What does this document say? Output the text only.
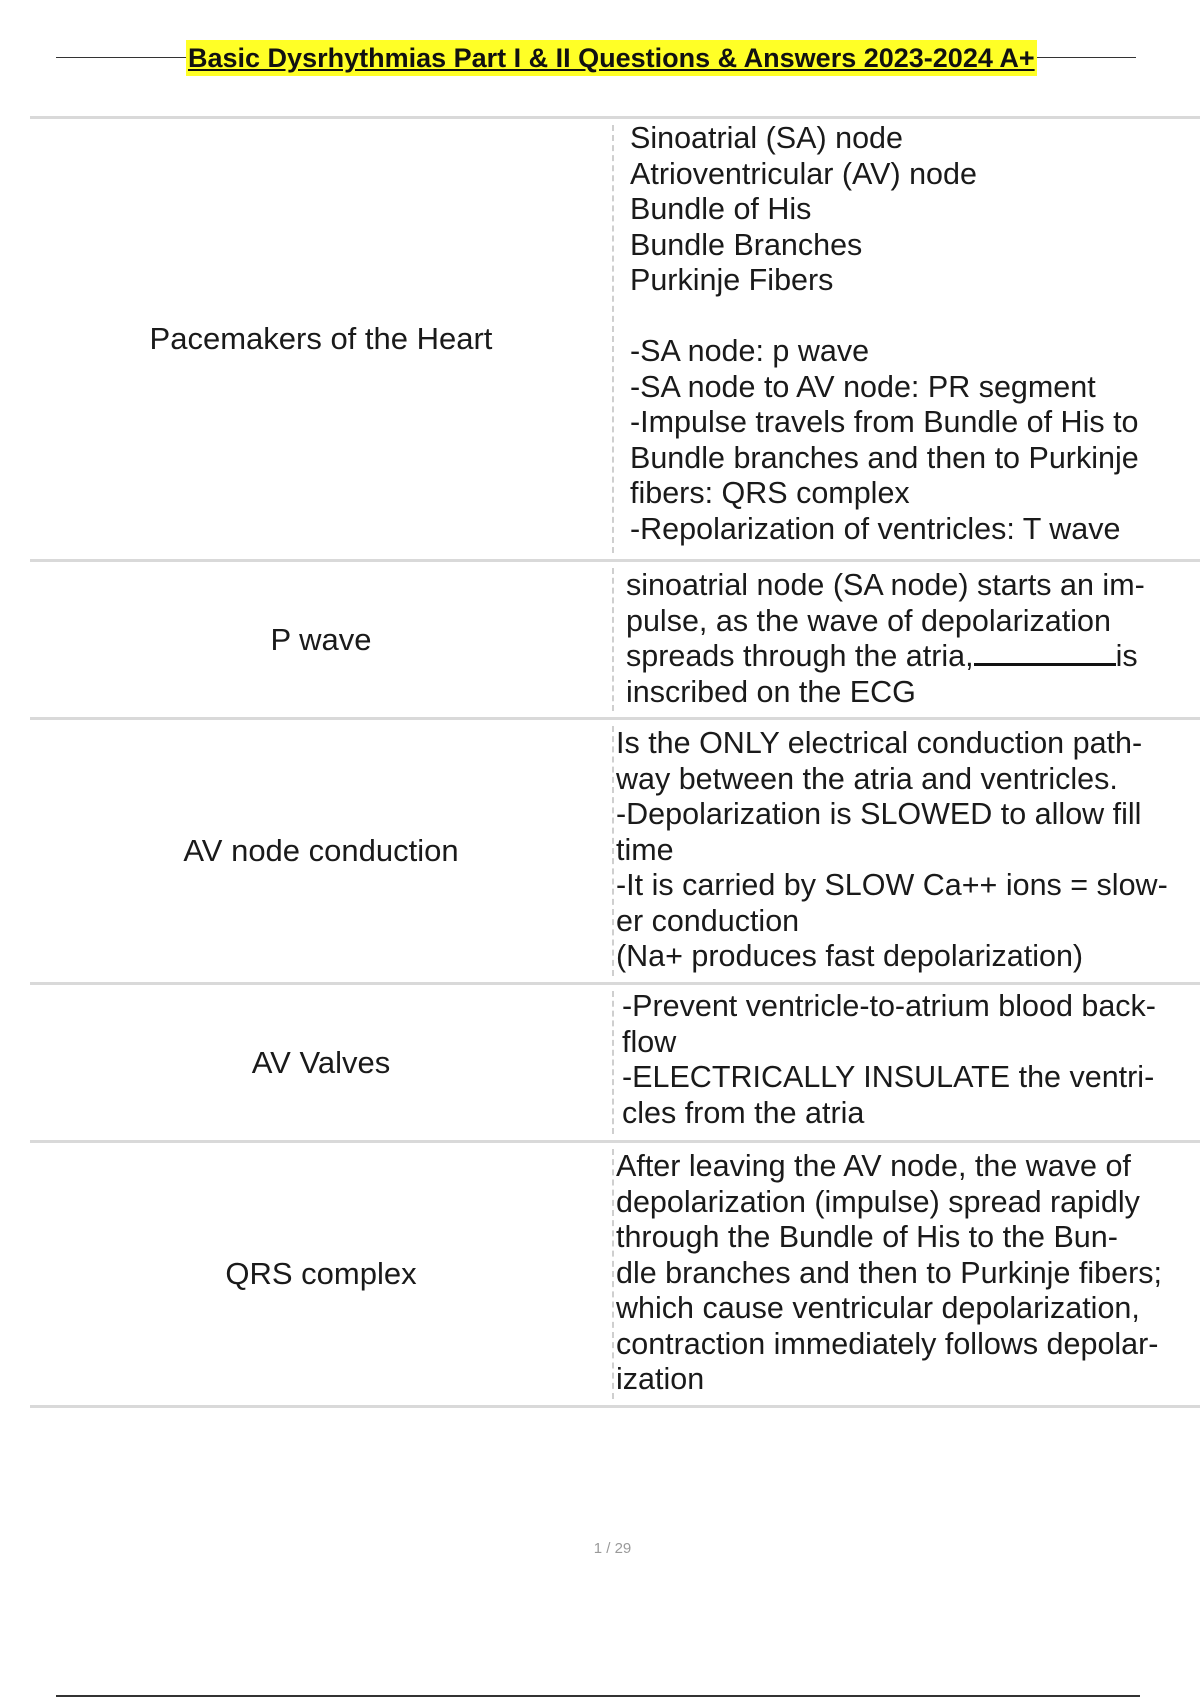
Basic Dysrhythmias Part I & II Questions & Answers 2023-2024 A+
Pacemakers of the Heart

Sinoatrial (SA) node
Atrioventricular (AV) node
Bundle of His
Bundle Branches
Purkinje Fibers

-SA node: p wave
-SA node to AV node: PR segment
-Impulse travels from Bundle of His to
Bundle branches and then to Purkinje
fibers: QRS complex
-Repolarization of ventricles: T wave

P wave

sinoatrial node (SA node) starts an im-
pulse, as the wave of depolarization
spreads through the atria,	is
inscribed on the ECG

AV node conduction

Is the ONLY electrical conduction path-
way between the atria and ventricles.
-Depolarization is SLOWED to allow fill
time
-It is carried by SLOW Ca++ ions = slow-
er conduction
(Na+ produces fast depolarization)

AV Valves

-Prevent ventricle-to-atrium blood back-
flow
-ELECTRICALLY INSULATE the ventri-
cles from the atria

QRS complex

After leaving the AV node, the wave of
depolarization (impulse) spread rapidly
through the Bundle of His to the Bun-
dle branches and then to Purkinje fibers;
which cause ventricular depolarization,
contraction immediately follows depolar-
ization

1 / 29
